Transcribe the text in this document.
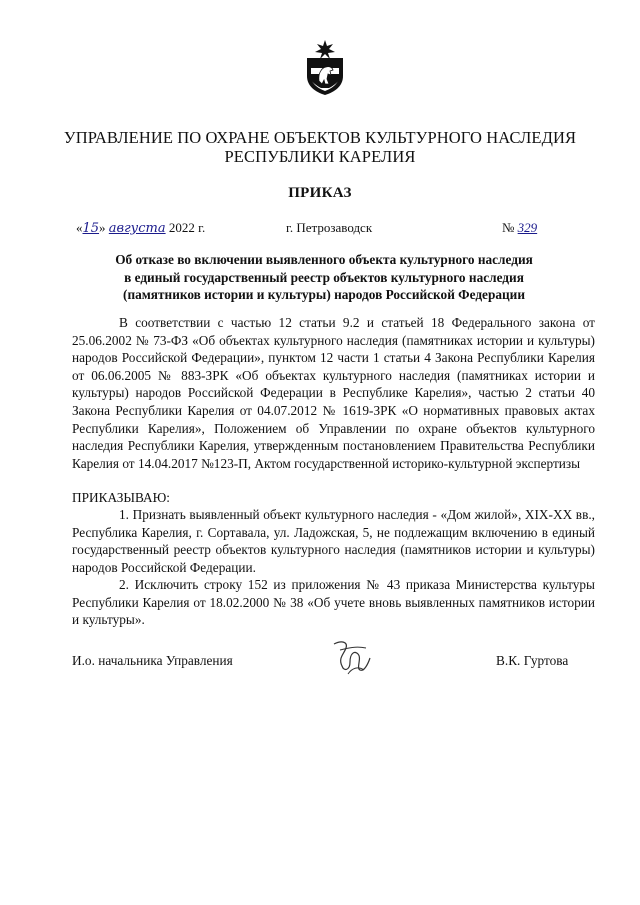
УПРАВЛЕНИЕ ПО ОХРАНЕ ОБЪЕКТОВ КУЛЬТУРНОГО НАСЛЕДИЯ
РЕСПУБЛИКИ КАРЕЛИЯ
ПРИКАЗ
«15» августа 2022 г.	г. Петрозаводск	№ 329
Об отказе во включении выявленного объекта культурного наследия
в единый государственный реестр объектов культурного наследия
(памятников истории и культуры) народов Российской Федерации
В соответствии с частью 12 статьи 9.2 и статьей 18 Федерального закона от 25.06.2002 № 73-ФЗ «Об объектах культурного наследия (памятниках истории и культуры) народов Российской Федерации», пунктом 12 части 1 статьи 4 Закона Республики Карелия от 06.06.2005 № 883-ЗРК «Об объектах культурного наследия (памятниках истории и культуры) народов Российской Федерации в Республике Карелия», частью 2 статьи 40 Закона Республики Карелия от 04.07.2012 № 1619-ЗРК «О нормативных правовых актах Республики Карелия», Положением об Управлении по охране объектов культурного наследия Республики Карелия, утвержденным постановлением Правительства Республики Карелия от 14.04.2017 №123-П, Актом государственной историко-культурной экспертизы
ПРИКАЗЫВАЮ:
1. Признать выявленный объект культурного наследия - «Дом жилой», XIX-XX вв., Республика Карелия, г. Сортавала, ул. Ладожская, 5, не подлежащим включению в единый государственный реестр объектов культурного наследия (памятников истории и культуры) народов Российской Федерации.
2. Исключить строку 152 из приложения № 43 приказа Министерства культуры Республики Карелия от 18.02.2000 № 38 «Об учете вновь выявленных памятников истории и культуры».
И.о. начальника Управления	В.К. Гуртова
